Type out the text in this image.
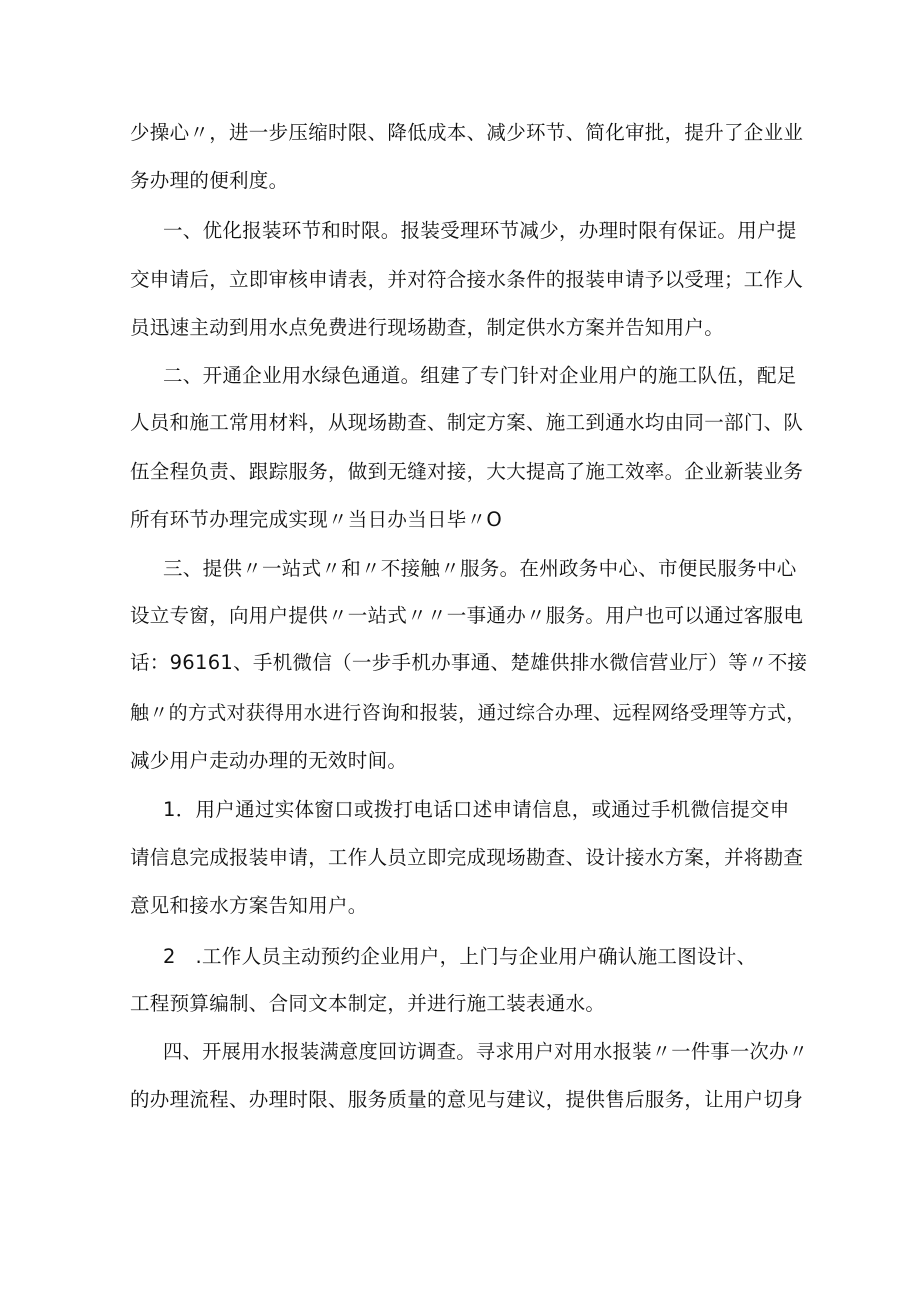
少操心〃，进一步压缩时限、降低成本、减少环节、简化审批，提升了企业业
务办理的便利度。
一、优化报装环节和时限。报装受理环节减少，办理时限有保证。用户提
交申请后，立即审核申请表，并对符合接水条件的报装申请予以受理；工作人
员迅速主动到用水点免费进行现场勘查，制定供水方案并告知用户。
二、开通企业用水绿色通道。组建了专门针对企业用户的施工队伍，配足
人员和施工常用材料，从现场勘查、制定方案、施工到通水均由同一部门、队
伍全程负责、跟踪服务，做到无缝对接，大大提高了施工效率。企业新装业务
所有环节办理完成实现〃当日办当日毕〃O
三、提供〃一站式〃和〃不接触〃服务。在州政务中心、市便民服务中心
设立专窗，向用户提供〃一站式〃〃一事通办〃服务。用户也可以通过客服电
话：96161、手机微信（一步手机办事通、楚雄供排水微信营业厅）等〃不接
触〃的方式对获得用水进行咨询和报装，通过综合办理、远程网络受理等方式，
减少用户走动办理的无效时间。
1．用户通过实体窗口或拨打电话口述申请信息，或通过手机微信提交申
请信息完成报装申请，工作人员立即完成现场勘查、设计接水方案，并将勘查
意见和接水方案告知用户。
2　.工作人员主动预约企业用户，上门与企业用户确认施工图设计、
工程预算编制、合同文本制定，并进行施工装表通水。
四、开展用水报装满意度回访调查。寻求用户对用水报装〃一件事一次办〃
的办理流程、办理时限、服务质量的意见与建议，提供售后服务，让用户切身
